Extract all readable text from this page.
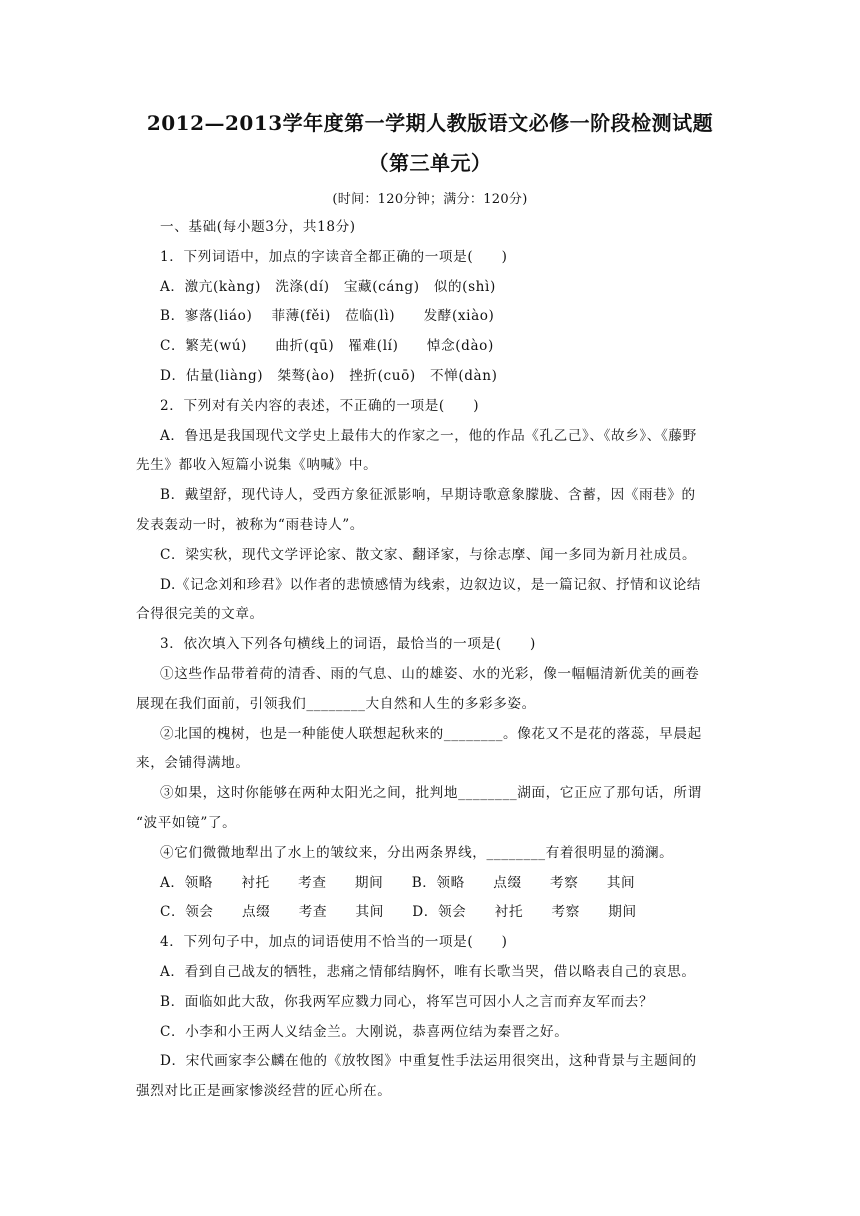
2012—2013学年度第一学期人教版语文必修一阶段检测试题
（第三单元）
(时间：120分钟；满分：120分)
一、基础(每小题3分，共18分)
1．下列词语中，加点的字读音全都正确的一项是(　　)
A．激亢(kàng)　洗涤(dí)　宝藏(cáng)　似的(shì)
B．寥落(liáo)　 菲薄(fěi)　莅临(lì)　　发酵(xiào)
C．繁芜(wú)　　曲折(qū)　罹难(lí)　　悼念(dào)
D．估量(liàng)　桀骜(ào)　挫折(cuō)　不惮(dàn)
2．下列对有关内容的表述，不正确的一项是(　　)
A．鲁迅是我国现代文学史上最伟大的作家之一，他的作品《孔乙己》、《故乡》、《藤野
先生》都收入短篇小说集《呐喊》中。
B．戴望舒，现代诗人，受西方象征派影响，早期诗歌意象朦胧、含蓄，因《雨巷》的
发表轰动一时，被称为“雨巷诗人”。
C．梁实秋，现代文学评论家、散文家、翻译家，与徐志摩、闻一多同为新月社成员。
D.《记念刘和珍君》以作者的悲愤感情为线索，边叙边议，是一篇记叙、抒情和议论结
合得很完美的文章。
3．依次填入下列各句横线上的词语，最恰当的一项是(　　)
①这些作品带着荷的清香、雨的气息、山的雄姿、水的光彩，像一幅幅清新优美的画卷
展现在我们面前，引领我们________大自然和人生的多彩多姿。
②北国的槐树，也是一种能使人联想起秋来的________。像花又不是花的落蕊，早晨起
来，会铺得满地。
③如果，这时你能够在两种太阳光之间，批判地________湖面，它正应了那句话，所谓
“波平如镜”了。
④它们微微地犁出了水上的皱纹来，分出两条界线，________有着很明显的漪澜。
A．领略　　衬托　　考查　　期间　　B．领略　　点缀　　考察　　其间
C．领会　　点缀　　考查　　其间　　D．领会　　衬托　　考察　　期间
4．下列句子中，加点的词语使用不恰当的一项是(　　)
A．看到自己战友的牺牲，悲痛之情郁结胸怀，唯有长歌当哭，借以略表自己的哀思。
B．面临如此大敌，你我两军应戮力同心，将军岂可因小人之言而弃友军而去？
C．小李和小王两人义结金兰。大刚说，恭喜两位结为秦晋之好。
D．宋代画家李公麟在他的《放牧图》中重复性手法运用很突出，这种背景与主题间的
强烈对比正是画家惨淡经营的匠心所在。
